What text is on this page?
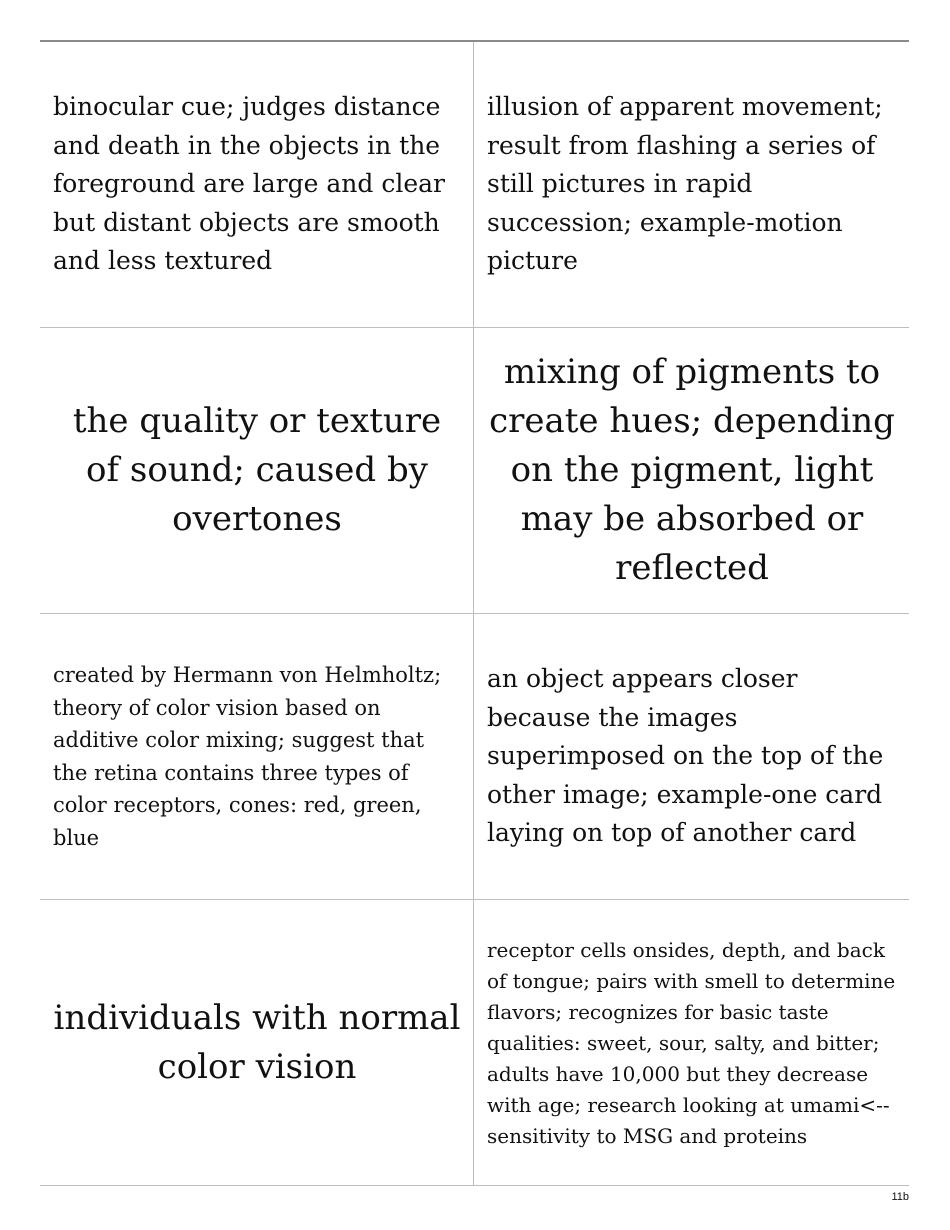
binocular cue; judges distance and death in the objects in the foreground are large and clear but distant objects are smooth and less textured
illusion of apparent movement; result from flashing a series of still pictures in rapid succession; example-motion picture
the quality or texture of sound; caused by overtones
mixing of pigments to create hues; depending on the pigment, light may be absorbed or reflected
created by Hermann von Helmholtz; theory of color vision based on additive color mixing; suggest that the retina contains three types of color receptors, cones: red, green, blue
an object appears closer because the images superimposed on the top of the other image; example-one card laying on top of another card
individuals with normal color vision
receptor cells onsides, depth, and back of tongue; pairs with smell to determine flavors; recognizes for basic taste qualities: sweet, sour, salty, and bitter; adults have 10,000 but they decrease with age; research looking at umami<-- sensitivity to MSG and proteins
11b
